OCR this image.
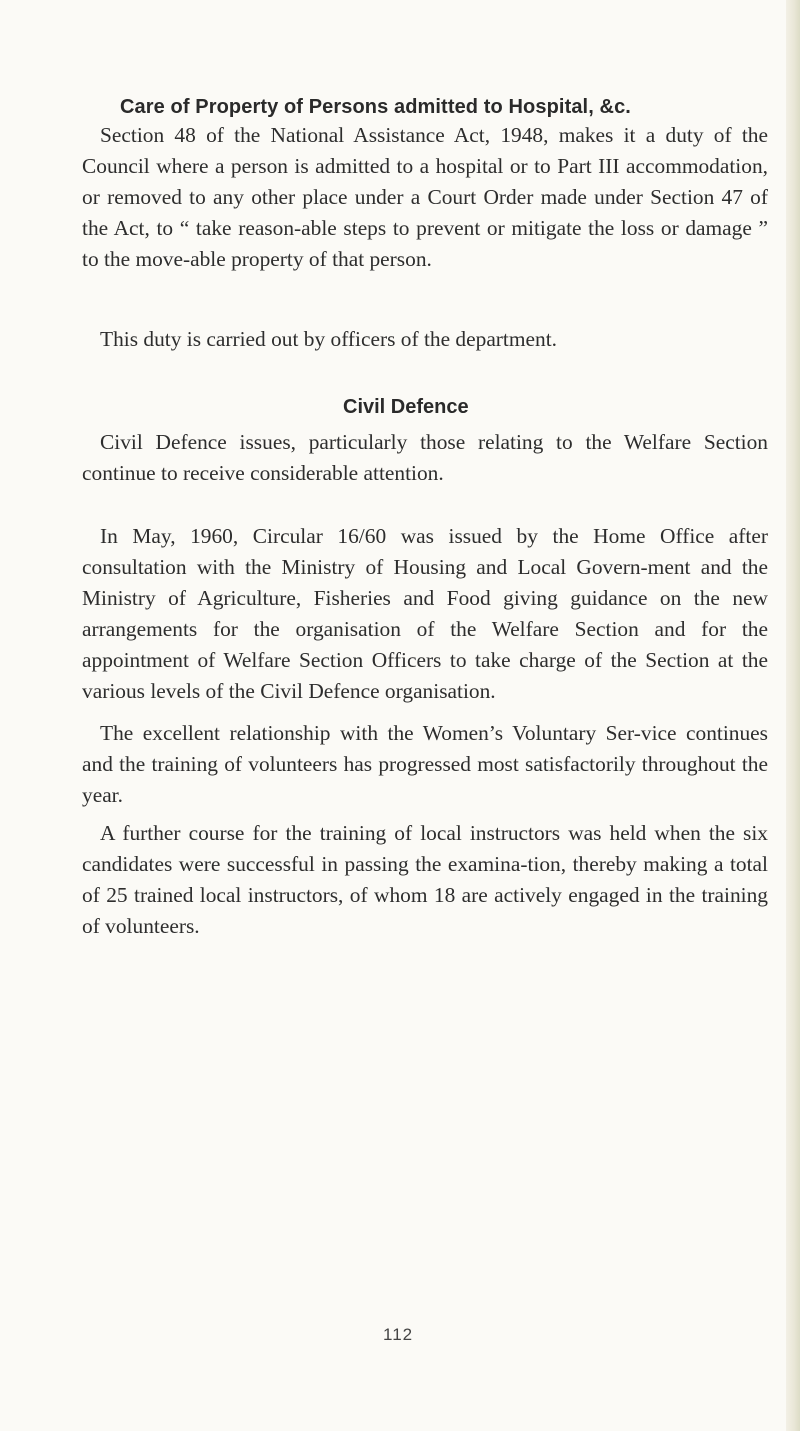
Care of Property of Persons admitted to Hospital, &c.

Section 48 of the National Assistance Act, 1948, makes it a duty of the Council where a person is admitted to a hospital or to Part III accommodation, or removed to any other place under a Court Order made under Section 47 of the Act, to “ take reason-able steps to prevent or mitigate the loss or damage ” to the move-able property of that person.

This duty is carried out by officers of the department.

Civil Defence

Civil Defence issues, particularly those relating to the Welfare Section continue to receive considerable attention.

In May, 1960, Circular 16/60 was issued by the Home Office after consultation with the Ministry of Housing and Local Govern-ment and the Ministry of Agriculture, Fisheries and Food giving guidance on the new arrangements for the organisation of the Welfare Section and for the appointment of Welfare Section Officers to take charge of the Section at the various levels of the Civil Defence organisation.

The excellent relationship with the Women’s Voluntary Ser-vice continues and the training of volunteers has progressed most satisfactorily throughout the year.

A further course for the training of local instructors was held when the six candidates were successful in passing the examina-tion, thereby making a total of 25 trained local instructors, of whom 18 are actively engaged in the training of volunteers.

112
